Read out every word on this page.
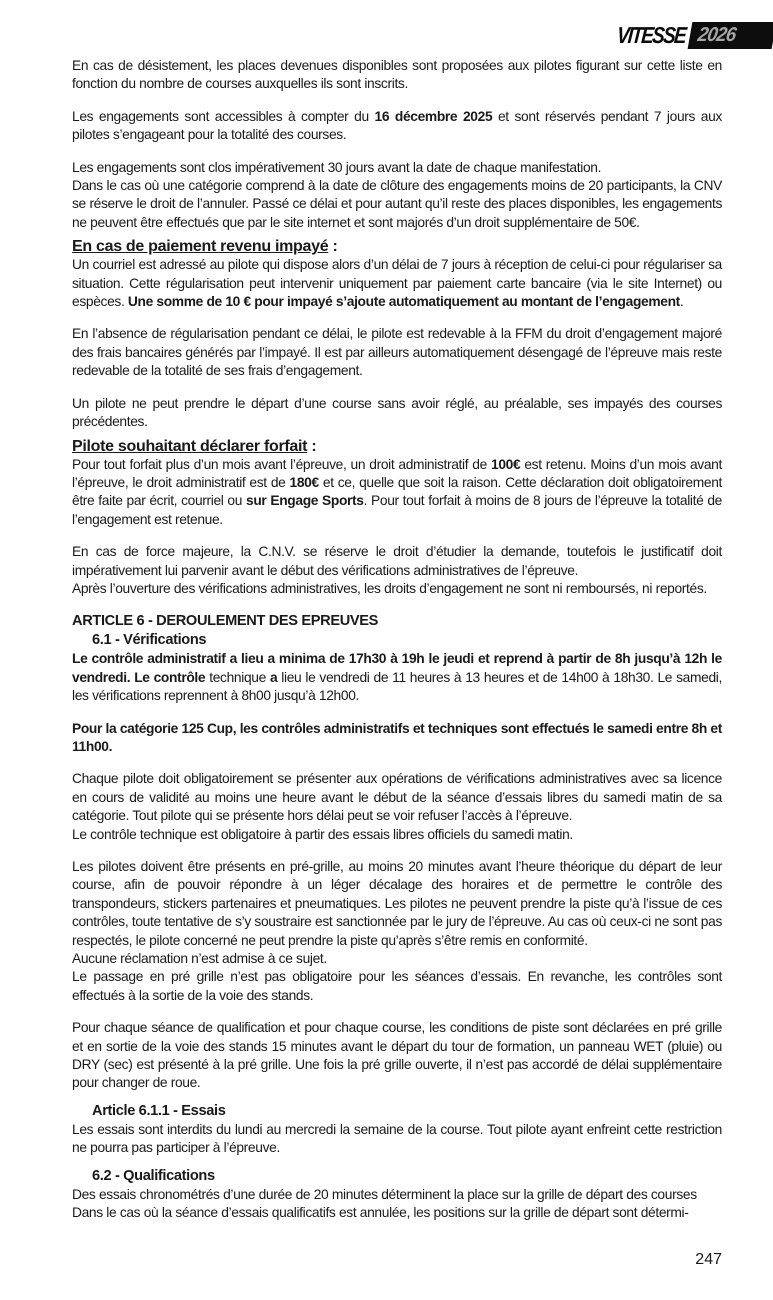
VITESSE 2026

En cas de désistement, les places devenues disponibles sont proposées aux pilotes figurant sur cette liste en fonction du nombre de courses auxquelles ils sont inscrits.

Les engagements sont accessibles à compter du 16 décembre 2025 et sont réservés pendant 7 jours aux pilotes s’engageant pour la totalité des courses.

Les engagements sont clos impérativement 30 jours avant la date de chaque manifestation.

Dans le cas où une catégorie comprend à la date de clôture des engagements moins de 20 participants, la CNV se réserve le droit de l’annuler. Passé ce délai et pour autant qu’il reste des places disponibles, les engagements ne peuvent être effectués que par le site internet et sont majorés d’un droit supplémentaire de 50€.

En cas de paiement revenu impayé :

Un courriel est adressé au pilote qui dispose alors d’un délai de 7 jours à réception de celui-ci pour régulariser sa situation. Cette régularisation peut intervenir uniquement par paiement carte bancaire (via le site Internet) ou espèces. Une somme de 10 € pour impayé s’ajoute automatiquement au montant de l’engagement.

En l’absence de régularisation pendant ce délai, le pilote est redevable à la FFM du droit d’engagement majoré des frais bancaires générés par l’impayé. Il est par ailleurs automatiquement désengagé de l’épreuve mais reste redevable de la totalité de ses frais d’engagement.

Un pilote ne peut prendre le départ d’une course sans avoir réglé, au préalable, ses impayés des courses précédentes.

Pilote souhaitant déclarer forfait :

Pour tout forfait plus d’un mois avant l’épreuve, un droit administratif de 100€ est retenu. Moins d’un mois avant l’épreuve, le droit administratif est de 180€ et ce, quelle que soit la raison. Cette déclaration doit obligatoirement être faite par écrit, courriel ou sur Engage Sports. Pour tout forfait à moins de 8 jours de l’épreuve la totalité de l’engagement est retenue.

En cas de force majeure, la C.N.V. se réserve le droit d’étudier la demande, toutefois le justificatif doit impérativement lui parvenir avant le début des vérifications administratives de l’épreuve.

Après l’ouverture des vérifications administratives, les droits d’engagement ne sont ni remboursés, ni reportés.

ARTICLE 6 - DEROULEMENT DES EPREUVES

6.1 - Vérifications

Le contrôle administratif a lieu a minima de 17h30 à 19h le jeudi et reprend à partir de 8h jusqu’à 12h le vendredi. Le contrôle technique a lieu le vendredi de 11 heures à 13 heures et de 14h00 à 18h30. Le samedi, les vérifications reprennent à 8h00 jusqu’à 12h00.

Pour la catégorie 125 Cup, les contrôles administratifs et techniques sont effectués le samedi entre 8h et 11h00.

Chaque pilote doit obligatoirement se présenter aux opérations de vérifications administratives avec sa licence en cours de validité au moins une heure avant le début de la séance d’essais libres du samedi matin de sa catégorie. Tout pilote qui se présente hors délai peut se voir refuser l’accès à l’épreuve.

Le contrôle technique est obligatoire à partir des essais libres officiels du samedi matin.

Les pilotes doivent être présents en pré-grille, au moins 20 minutes avant l’heure théorique du départ de leur course, afin de pouvoir répondre à un léger décalage des horaires et de permettre le contrôle des transpondeurs, stickers partenaires et pneumatiques. Les pilotes ne peuvent prendre la piste qu’à l’issue de ces contrôles, toute tentative de s’y soustraire est sanctionnée par le jury de l’épreuve. Au cas où ceux-ci ne sont pas respectés, le pilote concerné ne peut prendre la piste qu’après s’être remis en conformité.

Aucune réclamation n’est admise à ce sujet.

Le passage en pré grille n’est pas obligatoire pour les séances d’essais. En revanche, les contrôles sont effectués à la sortie de la voie des stands.

Pour chaque séance de qualification et pour chaque course, les conditions de piste sont déclarées en pré grille et en sortie de la voie des stands 15 minutes avant le départ du tour de formation, un panneau WET (pluie) ou DRY (sec) est présenté à la pré grille. Une fois la pré grille ouverte, il n’est pas accordé de délai supplémentaire pour changer de roue.

Article 6.1.1 - Essais

Les essais sont interdits du lundi au mercredi la semaine de la course. Tout pilote ayant enfreint cette restriction ne pourra pas participer à l’épreuve.

6.2 - Qualifications

Des essais chronométrés d’une durée de 20 minutes déterminent la place sur la grille de départ des courses

Dans le cas où la séance d’essais qualificatifs est annulée, les positions sur la grille de départ sont détermi-

247
